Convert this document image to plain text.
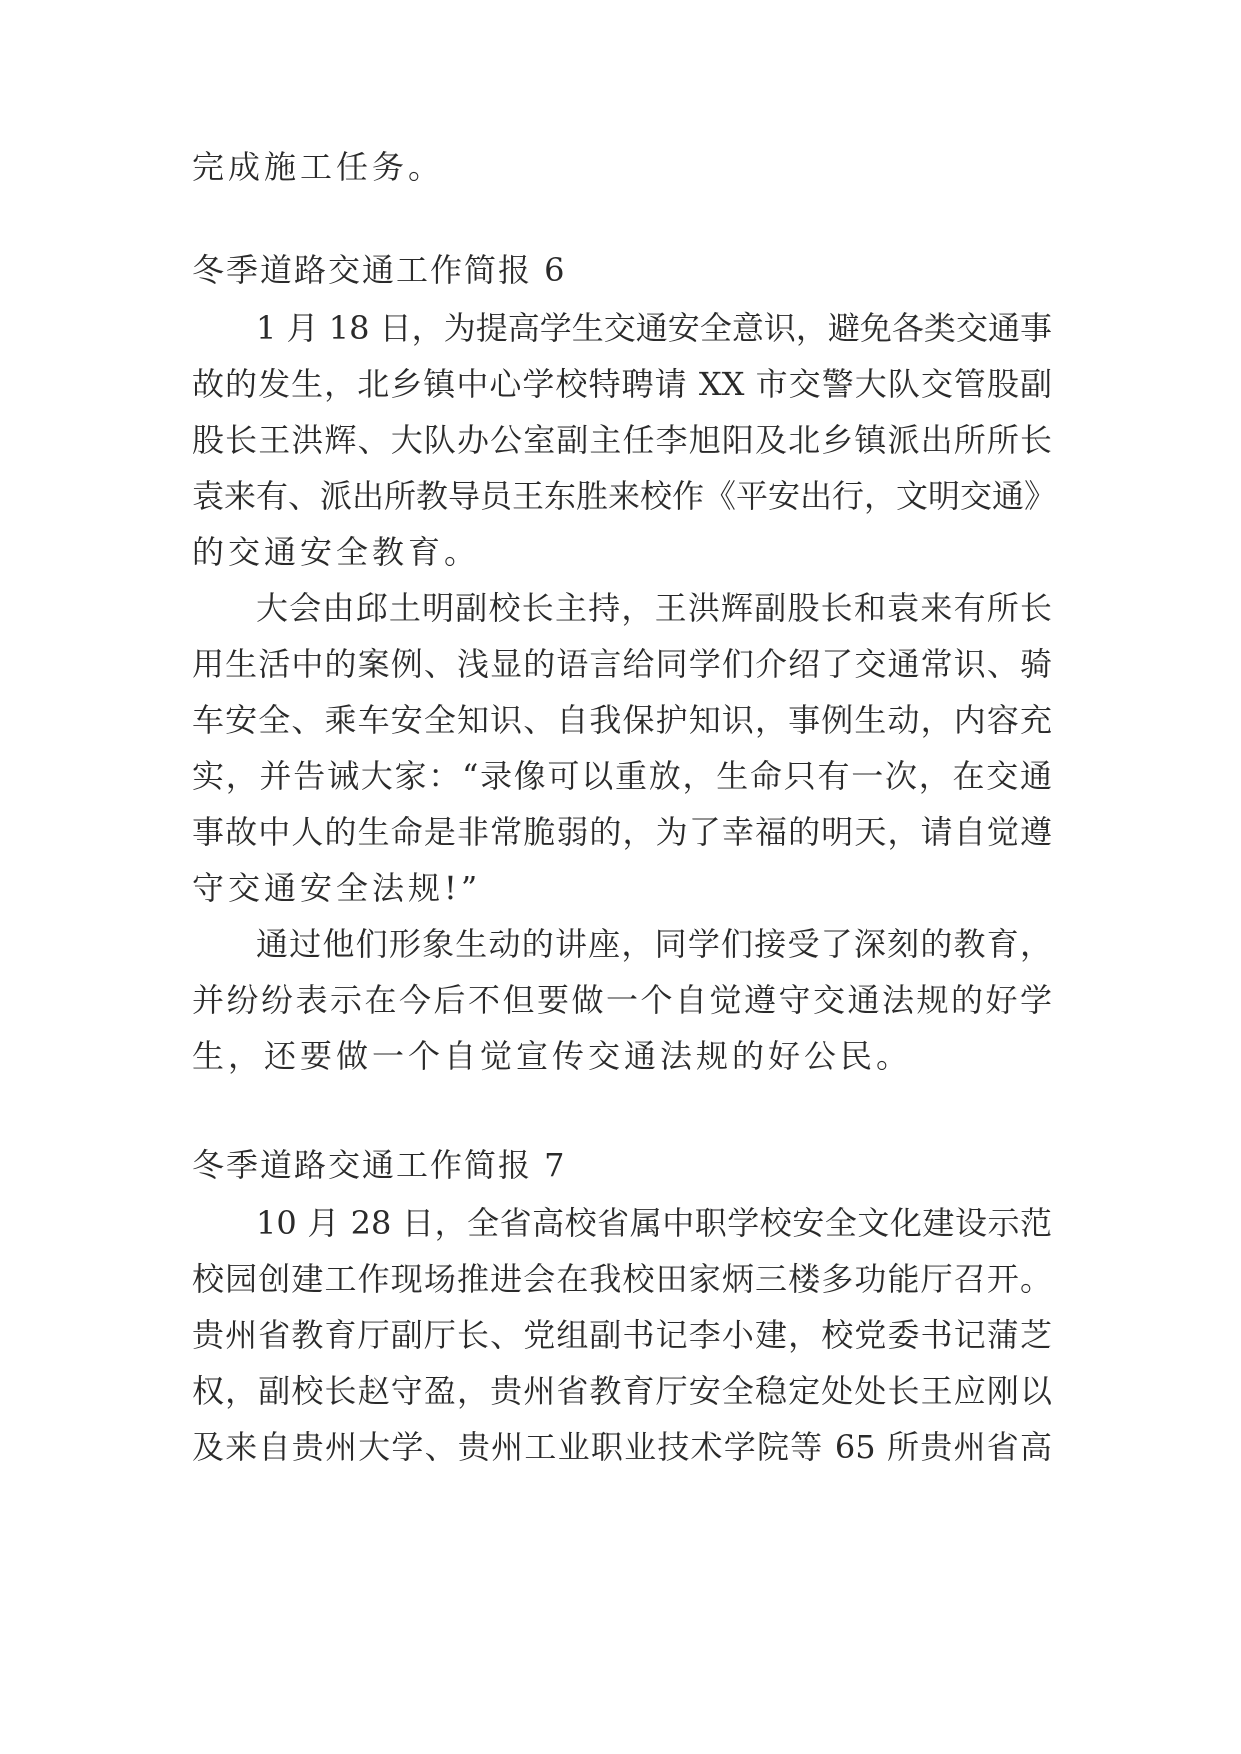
完成施工任务。
冬季道路交通工作简报 6
1 月 18 日，为提高学生交通安全意识，避免各类交通事
故的发生，北乡镇中心学校特聘请 XX 市交警大队交管股副
股长王洪辉、大队办公室副主任李旭阳及北乡镇派出所所长
袁来有、派出所教导员王东胜来校作《平安出行，文明交通》
的交通安全教育。
大会由邱土明副校长主持，王洪辉副股长和袁来有所长
用生活中的案例、浅显的语言给同学们介绍了交通常识、骑
车安全、乘车安全知识、自我保护知识，事例生动，内容充
实，并告诫大家：“录像可以重放，生命只有一次，在交通
事故中人的生命是非常脆弱的，为了幸福的明天，请自觉遵
守交通安全法规!”
通过他们形象生动的讲座，同学们接受了深刻的教育，
并纷纷表示在今后不但要做一个自觉遵守交通法规的好学
生，还要做一个自觉宣传交通法规的好公民。
冬季道路交通工作简报 7
10 月 28 日，全省高校省属中职学校安全文化建设示范
校园创建工作现场推进会在我校田家炳三楼多功能厅召开。
贵州省教育厅副厅长、党组副书记李小建，校党委书记蒲芝
权，副校长赵守盈，贵州省教育厅安全稳定处处长王应刚以
及来自贵州大学、贵州工业职业技术学院等 65 所贵州省高
